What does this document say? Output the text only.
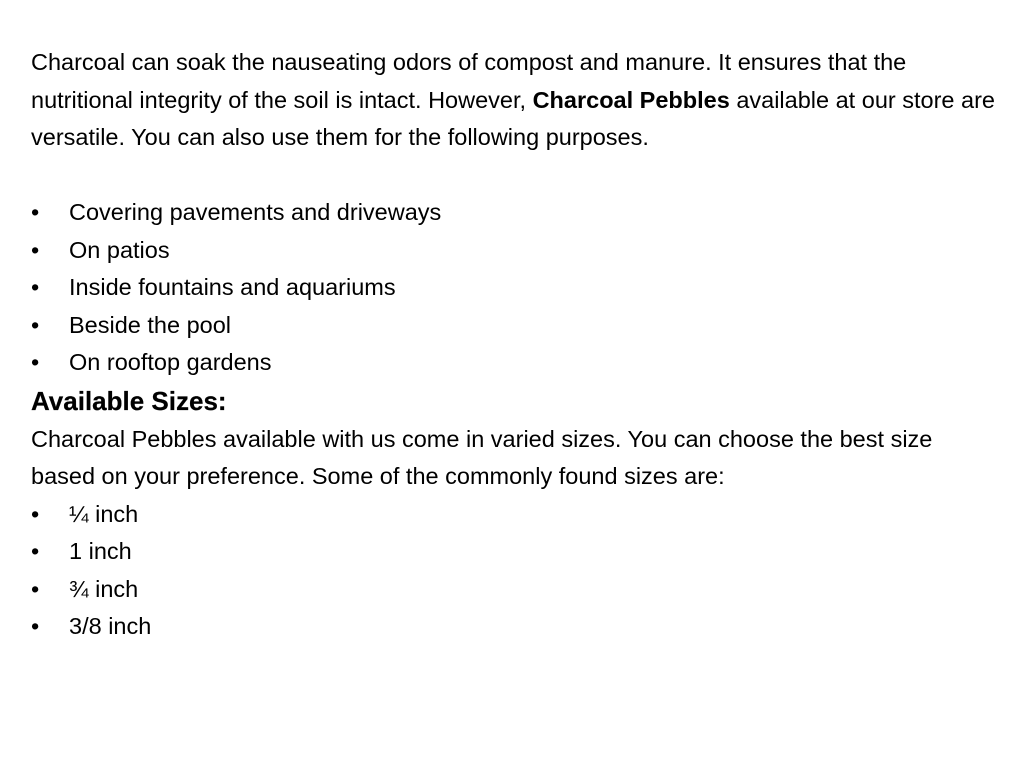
Charcoal can soak the nauseating odors of compost and manure. It ensures that the nutritional integrity of the soil is intact. However, Charcoal Pebbles available at our store are versatile. You can also use them for the following purposes.

•	Covering pavements and driveways
•	On patios
•	Inside fountains and aquariums
•	Beside the pool
•	On rooftop gardens
Available Sizes:

Charcoal Pebbles available with us come in varied sizes. You can choose the best size based on your preference. Some of the commonly found sizes are:

•	¼ inch
•	1 inch
•	¾ inch
•	3/8 inch
